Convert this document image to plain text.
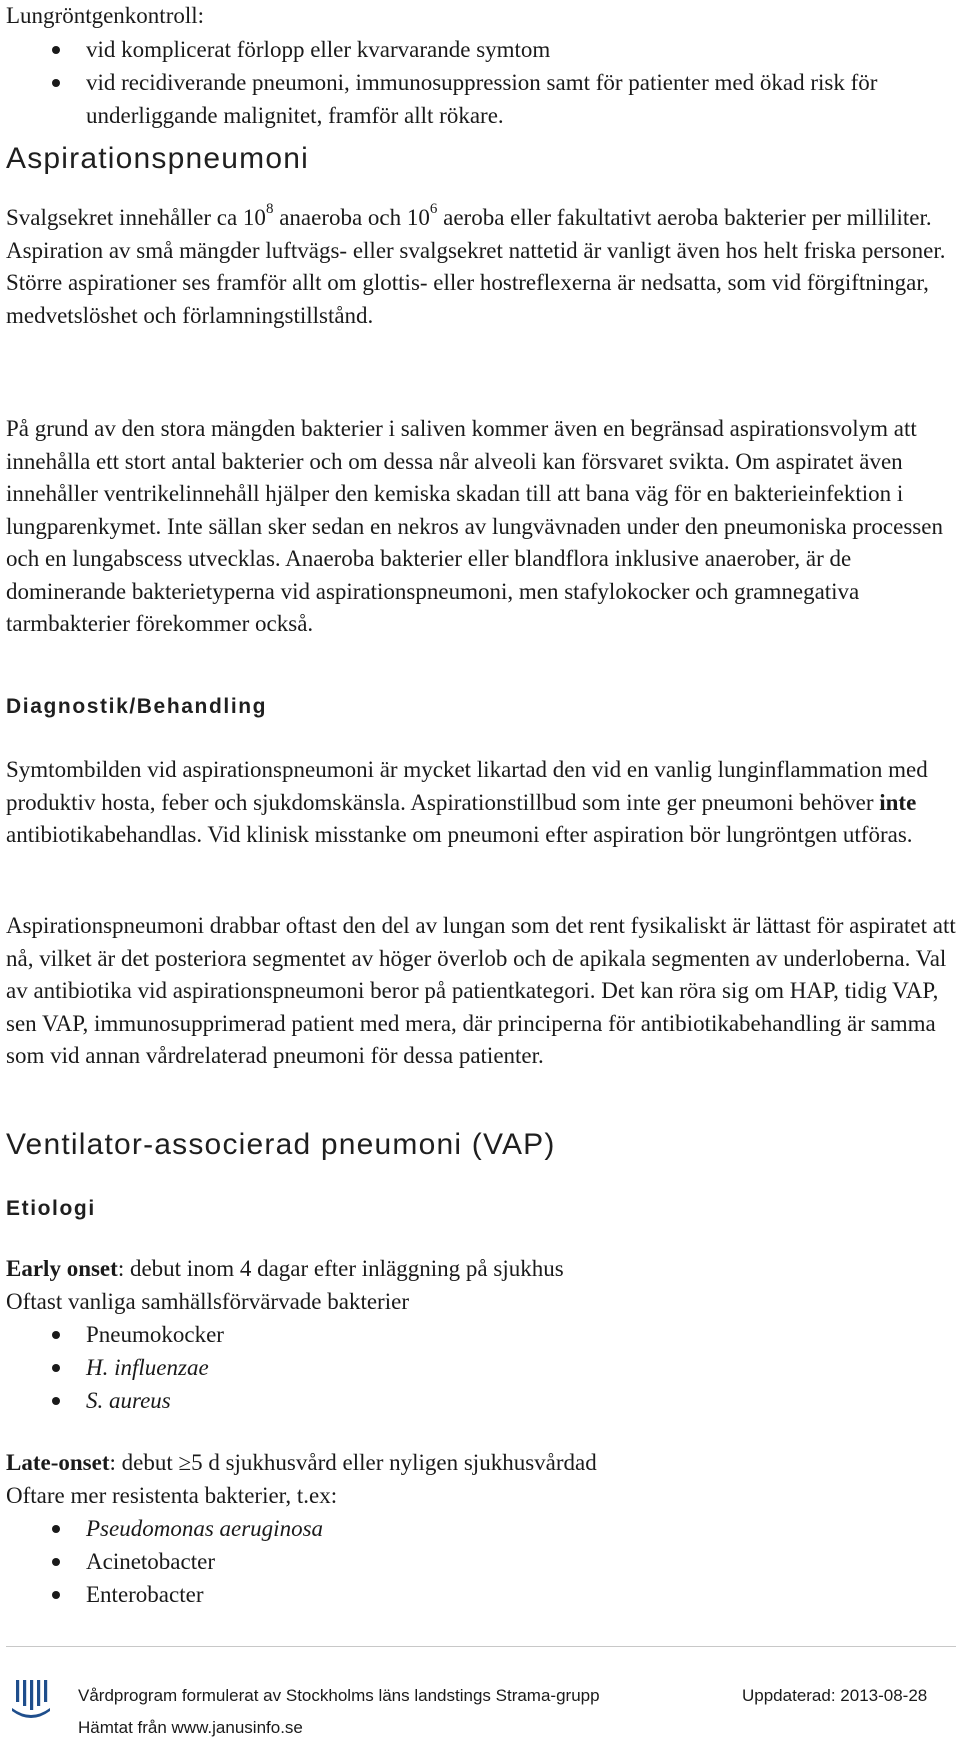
Lungröntgenkontroll:

vid komplicerat förlopp eller kvarvarande symtom
vid recidiverande pneumoni, immunosuppression samt för patienter med ökad risk för underliggande malignitet, framför allt rökare.
Aspirationspneumoni

Svalgsekret innehåller ca $10^8$ anaeroba och $10^6$ aeroba eller fakultativt aeroba bakterier per milliliter. Aspiration av små mängder luftvägs- eller svalgsekret nattetid är vanligt även hos helt friska personer. Större aspirationer ses framför allt om glottis- eller hostreflexerna är nedsatta, som vid förgiftningar, medvetslöshet och förlamningstillstånd.

På grund av den stora mängden bakterier i saliven kommer även en begränsad aspirationsvolym att innehålla ett stort antal bakterier och om dessa når alveoli kan försvaret svikta. Om aspiratet även innehåller ventrikelinnehåll hjälper den kemiska skadan till att bana väg för en bakterieinfektion i lungparenkymet. Inte sällan sker sedan en nekros av lungvävnaden under den pneumoniska processen och en lungabscess utvecklas. Anaeroba bakterier eller blandflora inklusive anaerober, är de dominerande bakterietyperna vid aspirationspneumoni, men stafylokocker och gramnegativa tarmbakterier förekommer också.

Diagnostik/Behandling

Symtombilden vid aspirationspneumoni är mycket likartad den vid en vanlig lunginflammation med produktiv hosta, feber och sjukdomskänsla. Aspirationstillbud som inte ger pneumoni behöver inte antibiotikabehandlas. Vid klinisk misstanke om pneumoni efter aspiration bör lungröntgen utföras.

Aspirationspneumoni drabbar oftast den del av lungan som det rent fysikaliskt är lättast för aspiratet att nå, vilket är det posteriora segmentet av höger överlob och de apikala segmenten av underloberna. Val av antibiotika vid aspirationspneumoni beror på patientkategori. Det kan röra sig om HAP, tidig VAP, sen VAP, immunosupprimerad patient med mera, där principerna för antibiotikabehandling är samma som vid annan vårdrelaterad pneumoni för dessa patienter.

Ventilator-associerad pneumoni (VAP)
Etiologi

Early onset: debut inom 4 dagar efter inläggning på sjukhus

Oftast vanliga samhällsförvärvade bakterier

Pneumokocker
H. influenzae
S. aureus

Late-onset: debut ≥5 d sjukhusvård eller nyligen sjukhusvårdad

Oftare mer resistenta bakterier, t.ex:

Pseudomonas aeruginosa
Acinetobacter
Enterobacter
Vårdprogram formulerat av Stockholms läns landstings Strama-grupp	Uppdaterad: 2013-08-28
Hämtat från www.janusinfo.se
